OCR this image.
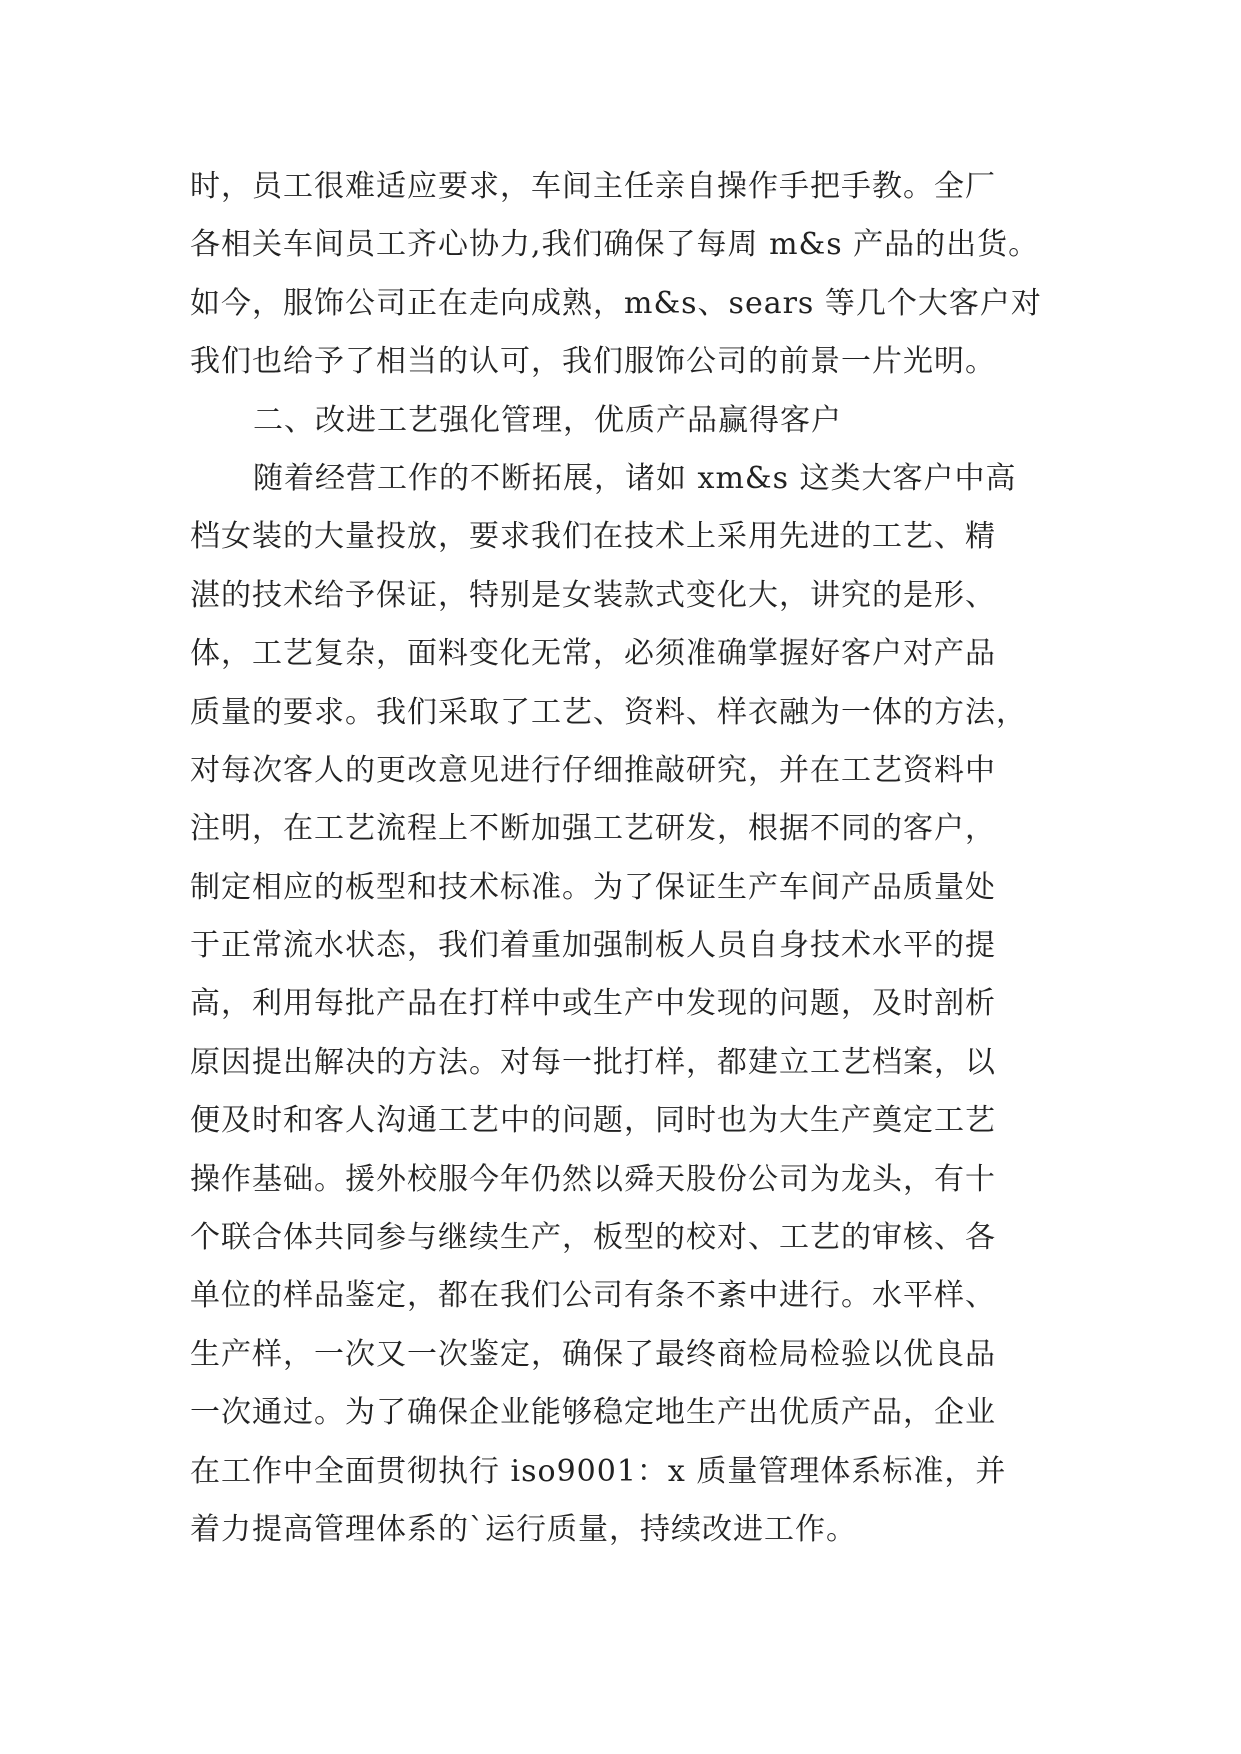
时，员工很难适应要求，车间主任亲自操作手把手教。全厂
各相关车间员工齐心协力,我们确保了每周 m&s 产品的出货。
如今，服饰公司正在走向成熟，m&s、sears 等几个大客户对
我们也给予了相当的认可，我们服饰公司的前景一片光明。
二、改进工艺强化管理，优质产品赢得客户
随着经营工作的不断拓展，诸如 xm&s 这类大客户中高
档女装的大量投放，要求我们在技术上采用先进的工艺、精
湛的技术给予保证，特别是女装款式变化大，讲究的是形、
体，工艺复杂，面料变化无常，必须准确掌握好客户对产品
质量的要求。我们采取了工艺、资料、样衣融为一体的方法，
对每次客人的更改意见进行仔细推敲研究，并在工艺资料中
注明，在工艺流程上不断加强工艺研发，根据不同的客户，
制定相应的板型和技术标准。为了保证生产车间产品质量处
于正常流水状态，我们着重加强制板人员自身技术水平的提
高，利用每批产品在打样中或生产中发现的问题，及时剖析
原因提出解决的方法。对每一批打样，都建立工艺档案，以
便及时和客人沟通工艺中的问题，同时也为大生产奠定工艺
操作基础。援外校服今年仍然以舜天股份公司为龙头，有十
个联合体共同参与继续生产，板型的校对、工艺的审核、各
单位的样品鉴定，都在我们公司有条不紊中进行。水平样、
生产样，一次又一次鉴定，确保了最终商检局检验以优良品
一次通过。为了确保企业能够稳定地生产出优质产品，企业
在工作中全面贯彻执行 iso9001：x 质量管理体系标准，并
着力提高管理体系的`运行质量，持续改进工作。
